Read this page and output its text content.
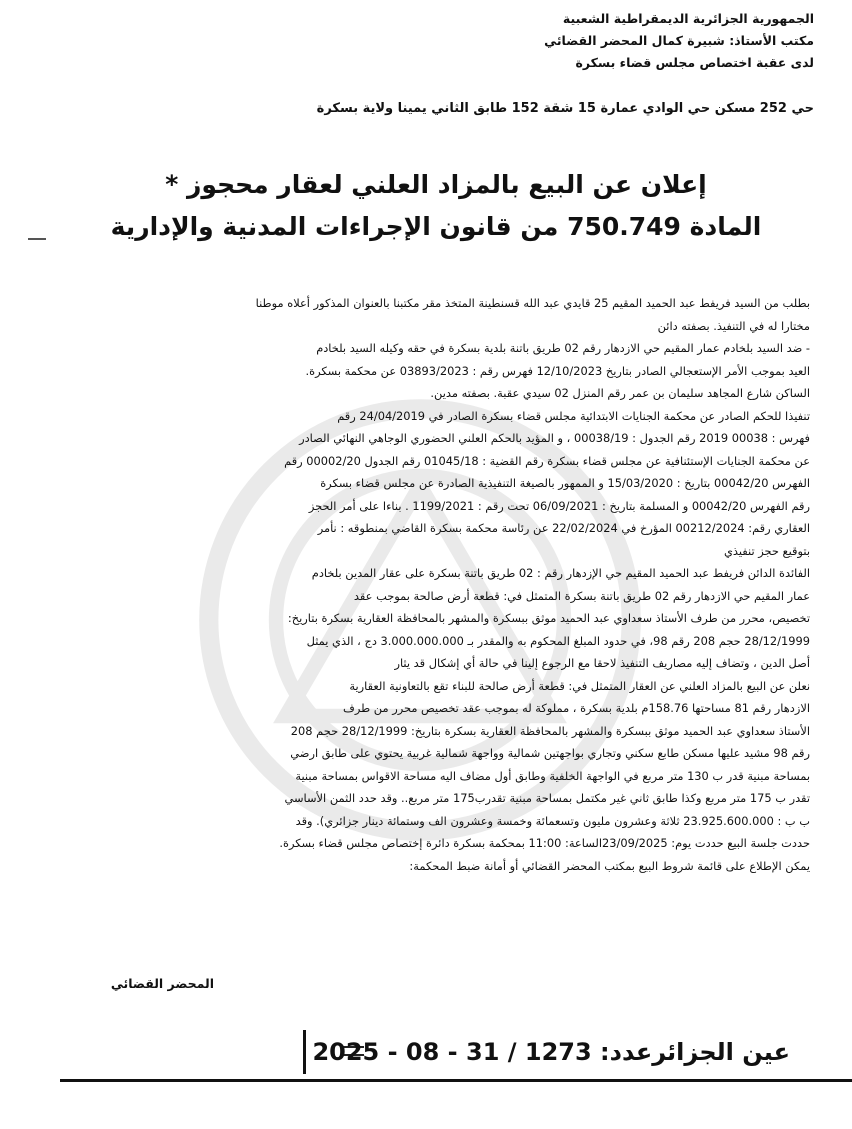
الجمهورية الجزائرية الديمقراطية الشعبية
مكتب الأستاذ: شبيرة كمال المحضر القضائي
لدى عقبة اختصاص مجلس قضاء بسكرة
حي 252 مسكن حي الوادي عمارة 15 شقة 152 طابق الثاني يمينا ولاية بسكرة
إعلان عن البيع بالمزاد العلني لعقار محجوز *
المادة 750.749 من قانون الإجراءات المدنية والإدارية
بطلب من السيد فريفط عبد الحميد المقيم 25 قايدي عبد الله قسنطينة المتخذ مقر مكتبنا بالعنوان المذكور أعلاه موطنا
مختارا له في التنفيذ. بصفته دائن
- ضد السيد بلخادم عمار المقيم حي الازدهار رقم 02 طريق باتنة بلدية بسكرة في حقه وكيله السيد بلخادم
العيد بموجب الأمر الإستعجالي الصادر بتاريخ 12/10/2023 فهرس رقم : 03893/2023 عن محكمة بسكرة.
الساكن شارع المجاهد سليمان بن عمر رقم المنزل 02 سيدي عقبة. بصفته مدين.
تنفيذا للحكم الصادر عن محكمة الجنايات الابتدائية مجلس قضاء بسكرة الصادر في 24/04/2019 رقم
فهرس : 00038 2019 رقم الجدول : 00038/19 ، و المؤيد بالحكم العلني الحضوري الوجاهي النهائي الصادر
عن محكمة الجنايات الإستئنافية عن مجلس قضاء بسكرة رقم القضية : 01045/18 رقم الجدول 00002/20 رقم
الفهرس 00042/20 بتاريخ : 15/03/2020 و الممهور بالصيغة التنفيذية الصادرة عن مجلس قضاء بسكرة
رقم الفهرس 00042/20 و المسلمة بتاريخ : 06/09/2021 تحت رقم : 1199/2021 . بناءا على أمر الحجز
العقاري رقم: 00212/2024 المؤرخ في 22/02/2024 عن رئاسة محكمة بسكرة القاضي بمنطوقه : نأمر
بتوقيع حجز تنفيذي
الفائدة الدائن فريفط عبد الحميد المقيم حي الإزدهار رقم : 02 طريق باتنة بسكرة على عقار المدين بلخادم
عمار المقيم حي الازدهار رقم 02 طريق باتنة بسكرة المتمثل في: قطعة أرض صالحة بموجب عقد
تخصيص، محرر من طرف الأستاذ سعداوي عبد الحميد موثق ببسكرة والمشهر بالمحافظة العقارية بسكرة بتاريخ:
28/12/1999 حجم 208 رقم 98، في حدود المبلغ المحكوم به والمقدر بـ 3.000.000.000 دج ، الذي يمثل
أصل الدين ، وتضاف إليه مصاريف التنفيذ لاحقا مع الرجوع إلينا في حالة أي إشكال قد يثار
نعلن عن البيع بالمزاد العلني عن العقار المتمثل في: قطعة أرض صالحة للبناء تقع بالتعاونية العقارية
الازدهار رقم 81 مساحتها 158.76م بلدية بسكرة ، مملوكة له بموجب عقد تخصيص محرر من طرف
الأستاذ سعداوي عبد الحميد موثق ببسكرة والمشهر بالمحافظة العقارية بسكرة بتاريخ: 28/12/1999 حجم 208
رقم 98 مشيد عليها مسكن طابع سكني وتجاري بواجهتين شمالية وواجهة شمالية غربية يحتوي على طابق ارضي
بمساحة مبنية قدر ب 130 متر مربع في الواجهة الخلفية وطابق أول مضاف اليه مساحة الاقواس بمساحة مبنية
تقدر ب 175 متر مربع وكذا طابق ثاني غير مكتمل بمساحة مبنية تقدرب175 متر مربع.. وقد حدد الثمن الأساسي
ب ب : 23.925.600.000 ثلاثة وعشرون مليون وتسعمائة وخمسة وعشرون الف وستمائة دينار جزائري). وقد
حددت جلسة البيع حددت يوم: 23/09/2025الساعة: 11:00 بمحكمة بسكرة دائرة إختصاص مجلس قضاء بسكرة.
يمكن الإطلاع على قائمة شروط البيع بمكتب المحضر القضائي أو أمانة ضبط المحكمة:
المحضر القضائي
عين الجزائرعدد: 1273 / 31 - 08 - 2025
